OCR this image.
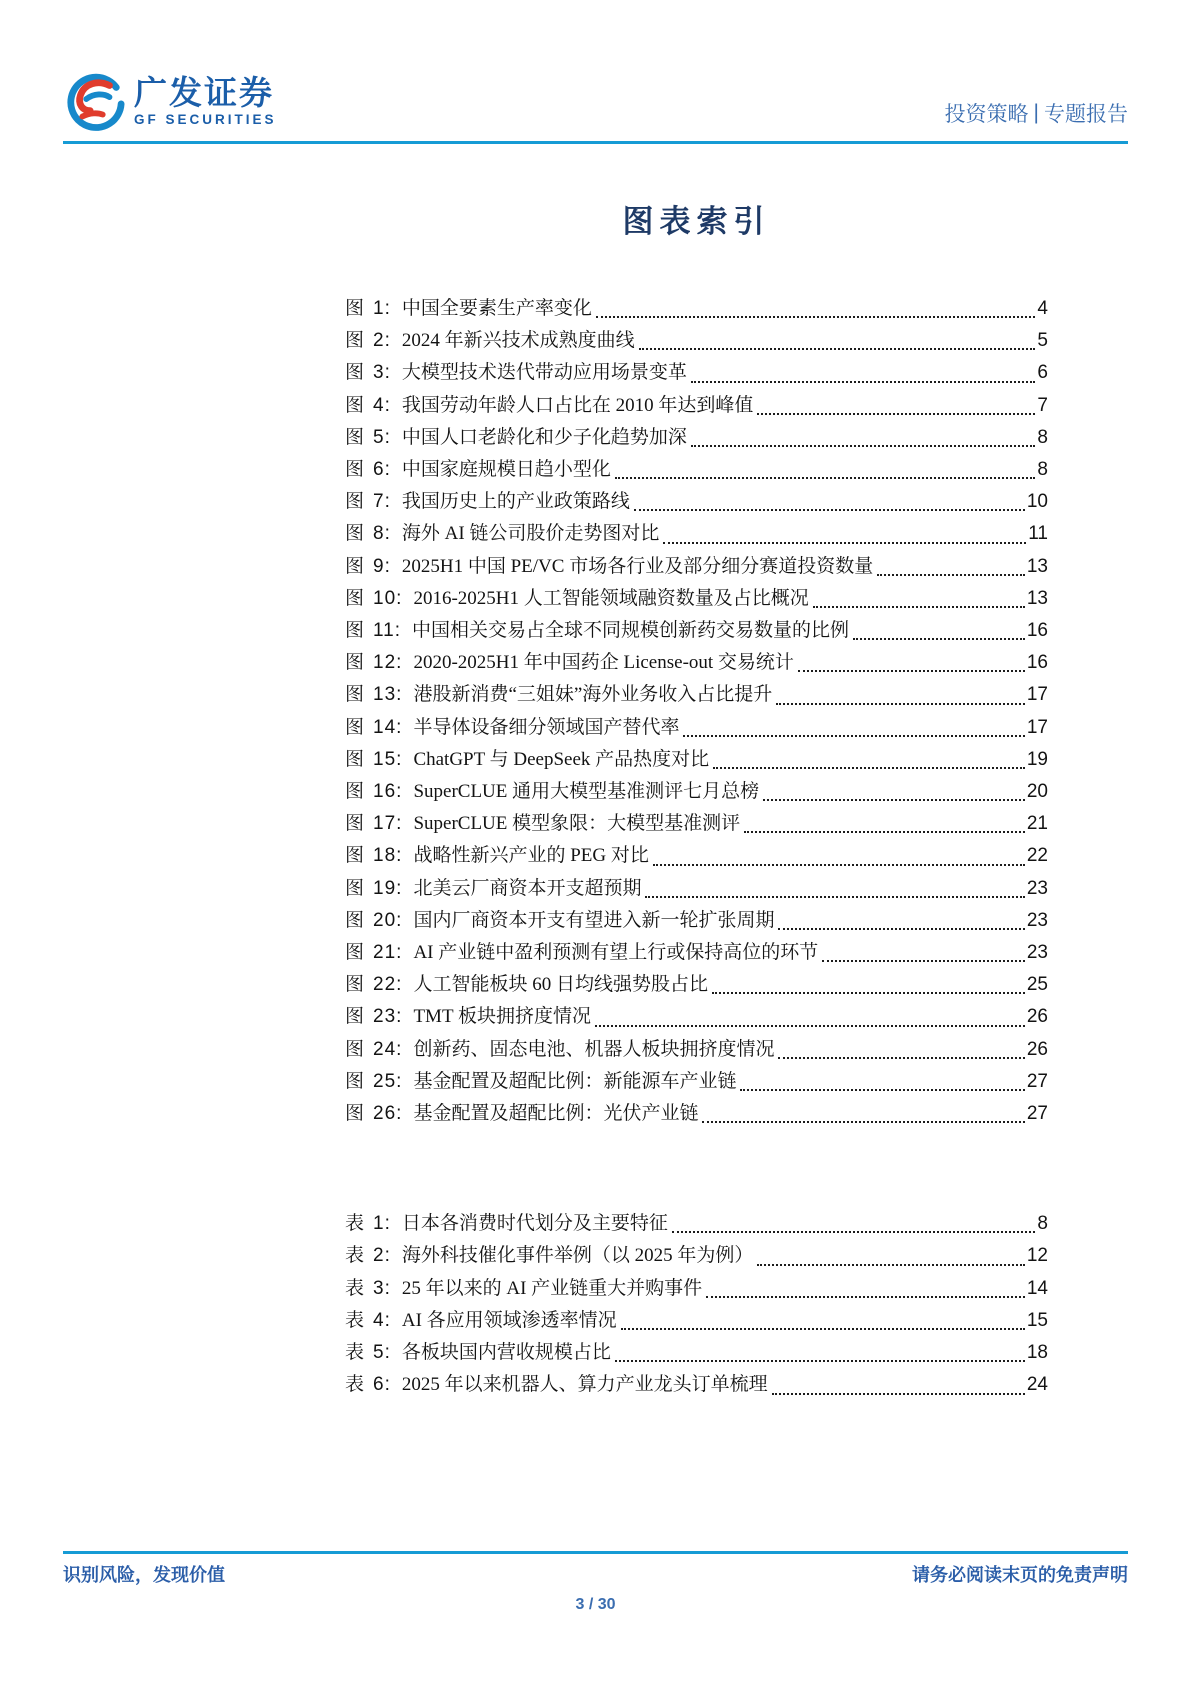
广发证券
GF SECURITIES	投资策略 | 专题报告
图表索引
图 1: 中国全要素生产率变化	4
图 2: 2024 年新兴技术成熟度曲线	5
图 3: 大模型技术迭代带动应用场景变革	6
图 4: 我国劳动年龄人口占比在 2010 年达到峰值	7
图 5: 中国人口老龄化和少子化趋势加深	8
图 6: 中国家庭规模日趋小型化	8
图 7: 我国历史上的产业政策路线	10
图 8: 海外 AI 链公司股价走势图对比	11
图 9: 2025H1 中国 PE/VC 市场各行业及部分细分赛道投资数量	13
图 10: 2016-2025H1 人工智能领域融资数量及占比概况	13
图 11: 中国相关交易占全球不同规模创新药交易数量的比例	16
图 12: 2020-2025H1 年中国药企 License-out 交易统计	16
图 13: 港股新消费“三姐妹”海外业务收入占比提升	17
图 14: 半导体设备细分领域国产替代率	17
图 15: ChatGPT 与 DeepSeek 产品热度对比	19
图 16: SuperCLUE 通用大模型基准测评七月总榜	20
图 17: SuperCLUE 模型象限：大模型基准测评	21
图 18: 战略性新兴产业的 PEG 对比	22
图 19: 北美云厂商资本开支超预期	23
图 20: 国内厂商资本开支有望进入新一轮扩张周期	23
图 21: AI 产业链中盈利预测有望上行或保持高位的环节	23
图 22: 人工智能板块 60 日均线强势股占比	25
图 23: TMT 板块拥挤度情况	26
图 24: 创新药、固态电池、机器人板块拥挤度情况	26
图 25: 基金配置及超配比例：新能源车产业链	27
图 26: 基金配置及超配比例：光伏产业链	27
表 1: 日本各消费时代划分及主要特征	8
表 2: 海外科技催化事件举例（以 2025 年为例）	12
表 3: 25 年以来的 AI 产业链重大并购事件	14
表 4: AI 各应用领域渗透率情况	15
表 5: 各板块国内营收规模占比	18
表 6: 2025 年以来机器人、算力产业龙头订单梳理	24
识别风险，发现价值	请务必阅读末页的免责声明
3 / 30
